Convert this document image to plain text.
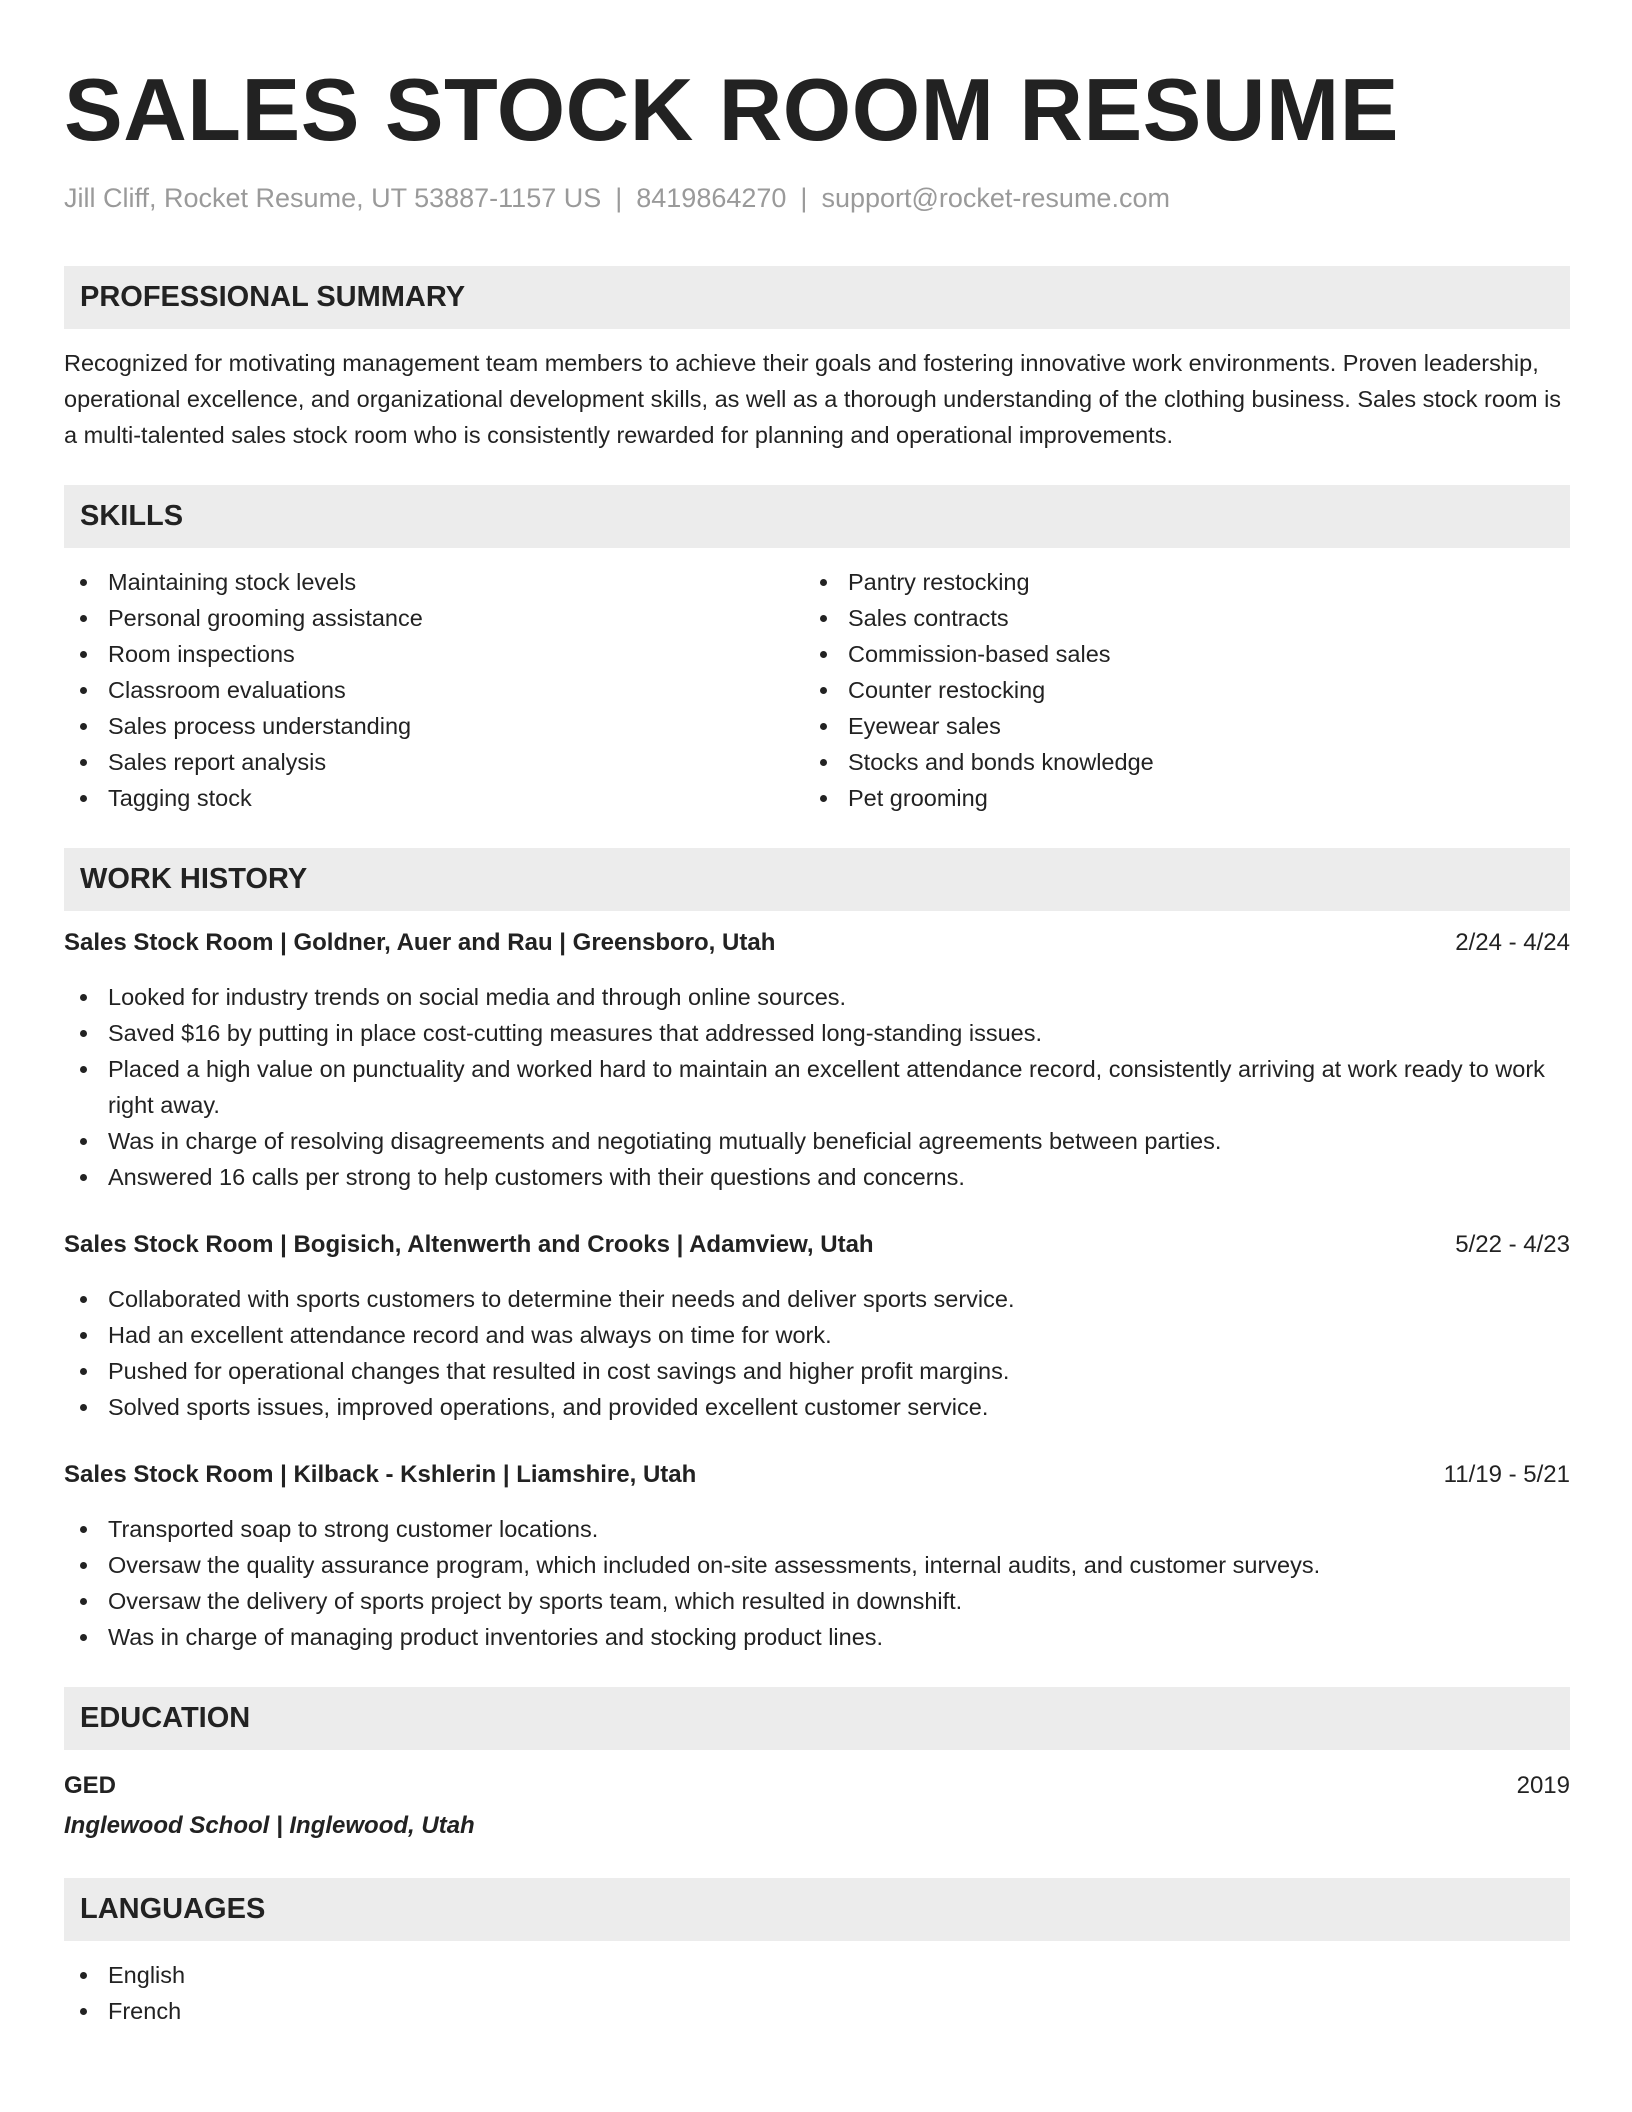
SALES STOCK ROOM RESUME
Jill Cliff, Rocket Resume, UT 53887-1157 US | 8419864270 | support@rocket-resume.com
PROFESSIONAL SUMMARY
Recognized for motivating management team members to achieve their goals and fostering innovative work environments. Proven leadership, operational excellence, and organizational development skills, as well as a thorough understanding of the clothing business. Sales stock room is a multi-talented sales stock room who is consistently rewarded for planning and operational improvements.
SKILLS
Maintaining stock levels
Personal grooming assistance
Room inspections
Classroom evaluations
Sales process understanding
Sales report analysis
Tagging stock
Pantry restocking
Sales contracts
Commission-based sales
Counter restocking
Eyewear sales
Stocks and bonds knowledge
Pet grooming
WORK HISTORY
Sales Stock Room | Goldner, Auer and Rau | Greensboro, Utah	2/24 - 4/24
Looked for industry trends on social media and through online sources.
Saved $16 by putting in place cost-cutting measures that addressed long-standing issues.
Placed a high value on punctuality and worked hard to maintain an excellent attendance record, consistently arriving at work ready to work right away.
Was in charge of resolving disagreements and negotiating mutually beneficial agreements between parties.
Answered 16 calls per strong to help customers with their questions and concerns.
Sales Stock Room | Bogisich, Altenwerth and Crooks | Adamview, Utah	5/22 - 4/23
Collaborated with sports customers to determine their needs and deliver sports service.
Had an excellent attendance record and was always on time for work.
Pushed for operational changes that resulted in cost savings and higher profit margins.
Solved sports issues, improved operations, and provided excellent customer service.
Sales Stock Room | Kilback - Kshlerin | Liamshire, Utah	11/19 - 5/21
Transported soap to strong customer locations.
Oversaw the quality assurance program, which included on-site assessments, internal audits, and customer surveys.
Oversaw the delivery of sports project by sports team, which resulted in downshift.
Was in charge of managing product inventories and stocking product lines.
EDUCATION
GED	2019
Inglewood School | Inglewood, Utah
LANGUAGES
English
French
